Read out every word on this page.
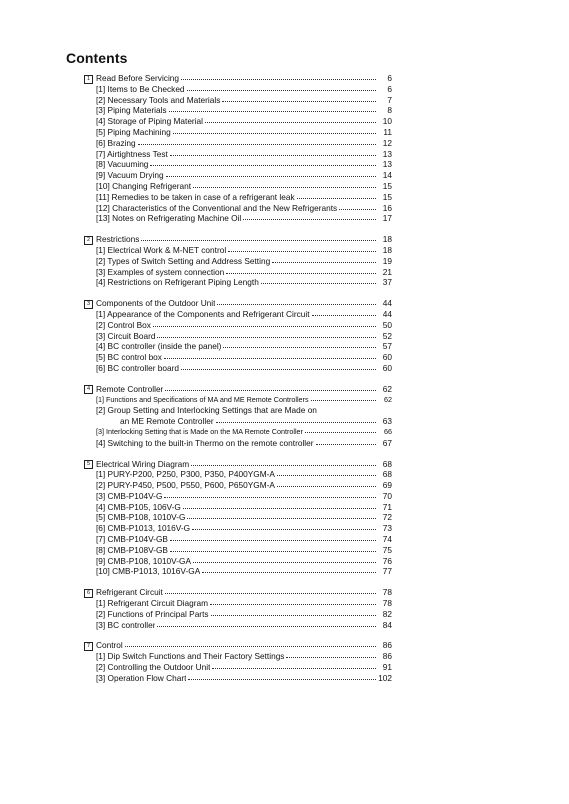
Contents
1 Read Before Servicing	6
[1] Items to Be Checked	6
[2] Necessary Tools and Materials	7
[3] Piping Materials	8
[4] Storage of Piping Material	10
[5] Piping Machining	11
[6] Brazing	12
[7] Airtightness Test	13
[8] Vacuuming	13
[9] Vacuum Drying	14
[10] Changing Refrigerant	15
[11] Remedies to be taken in case of a refrigerant leak	15
[12] Characteristics of the Conventional and the New Refrigerants	16
[13] Notes on Refrigerating Machine Oil	17
2 Restrictions	18
[1] Electrical Work & M-NET control	18
[2] Types of Switch Setting and Address Setting	19
[3] Examples of system connection	21
[4] Restrictions on Refrigerant Piping Length	37
3 Components of the Outdoor Unit	44
[1] Appearance of the Components and Refrigerant Circuit	44
[2] Control Box	50
[3] Circuit Board	52
[4] BC controller (inside the panel)	57
[5] BC control box	60
[6] BC controller board	60
4 Remote Controller	62
[1] Functions and Specifications of MA and ME Remote Controllers	62
[2] Group Setting and Interlocking Settings that are Made on
an ME Remote Controller	63
[3] Interlocking Setting that is Made on the MA Remote Controller	66
[4] Switching to the built-in Thermo on the remote controller	67
5 Electrical Wiring Diagram	68
[1] PURY-P200, P250, P300, P350, P400YGM-A	68
[2] PURY-P450, P500, P550, P600, P650YGM-A	69
[3] CMB-P104V-G	70
[4] CMB-P105, 106V-G	71
[5] CMB-P108, 1010V-G	72
[6] CMB-P1013, 1016V-G	73
[7] CMB-P104V-GB	74
[8] CMB-P108V-GB	75
[9] CMB-P108, 1010V-GA	76
[10] CMB-P1013, 1016V-GA	77
6 Refrigerant Circuit	78
[1] Refrigerant Circuit Diagram	78
[2] Functions of Principal Parts	82
[3] BC controller	84
7 Control	86
[1] Dip Switch Functions and Their Factory Settings	86
[2] Controlling the Outdoor Unit	91
[3] Operation Flow Chart	102
